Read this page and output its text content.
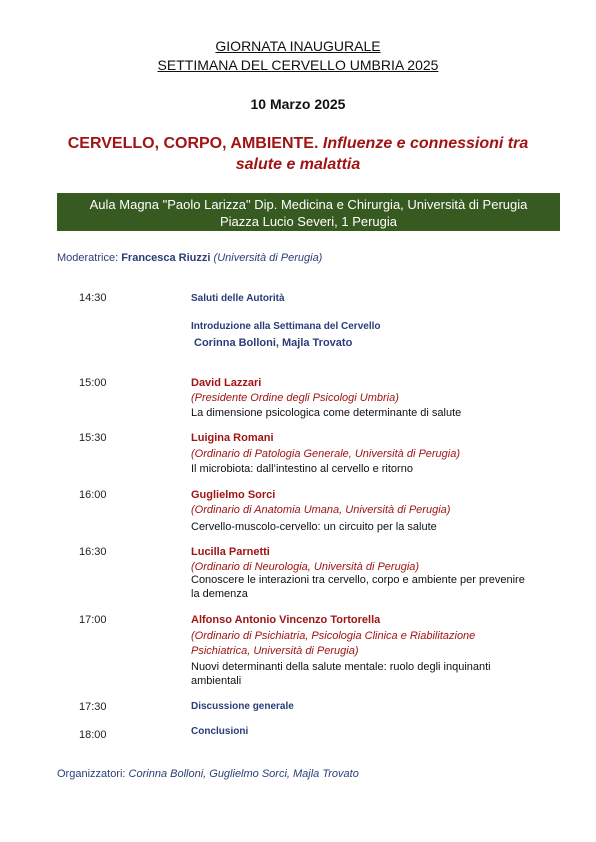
GIORNATA INAUGURALE
SETTIMANA DEL CERVELLO UMBRIA 2025
10 Marzo 2025
CERVELLO, CORPO, AMBIENTE. Influenze e connessioni tra
salute e malattia
Aula Magna "Paolo Larizza" Dip. Medicina e Chirurgia, Università di Perugia
Piazza Lucio Severi, 1 Perugia
Moderatrice: Francesca Riuzzi (Università di Perugia)
14:30	Saluti delle Autorità
Introduzione alla Settimana del Cervello
Corinna Bolloni, Majla Trovato
15:00	David Lazzari
(Presidente Ordine degli Psicologi Umbria)
La dimensione psicologica come determinante di salute
15:30	Luigina Romani
(Ordinario di Patologia Generale, Università di Perugia)
Il microbiota: dall’intestino al cervello e ritorno
16:00	Guglielmo Sorci
(Ordinario di Anatomia Umana, Università di Perugia)
Cervello-muscolo-cervello: un circuito per la salute
16:30	Lucilla Parnetti
(Ordinario di Neurologia, Università di Perugia)
Conoscere le interazioni tra cervello, corpo e ambiente per prevenire
la demenza
17:00	Alfonso Antonio Vincenzo Tortorella
(Ordinario di Psichiatria, Psicologia Clinica e Riabilitazione
Psichiatrica, Università di Perugia)
Nuovi determinanti della salute mentale: ruolo degli inquinanti
ambientali
17:30	Discussione generale
18:00	Conclusioni
Organizzatori: Corinna Bolloni, Guglielmo Sorci, Majla Trovato
